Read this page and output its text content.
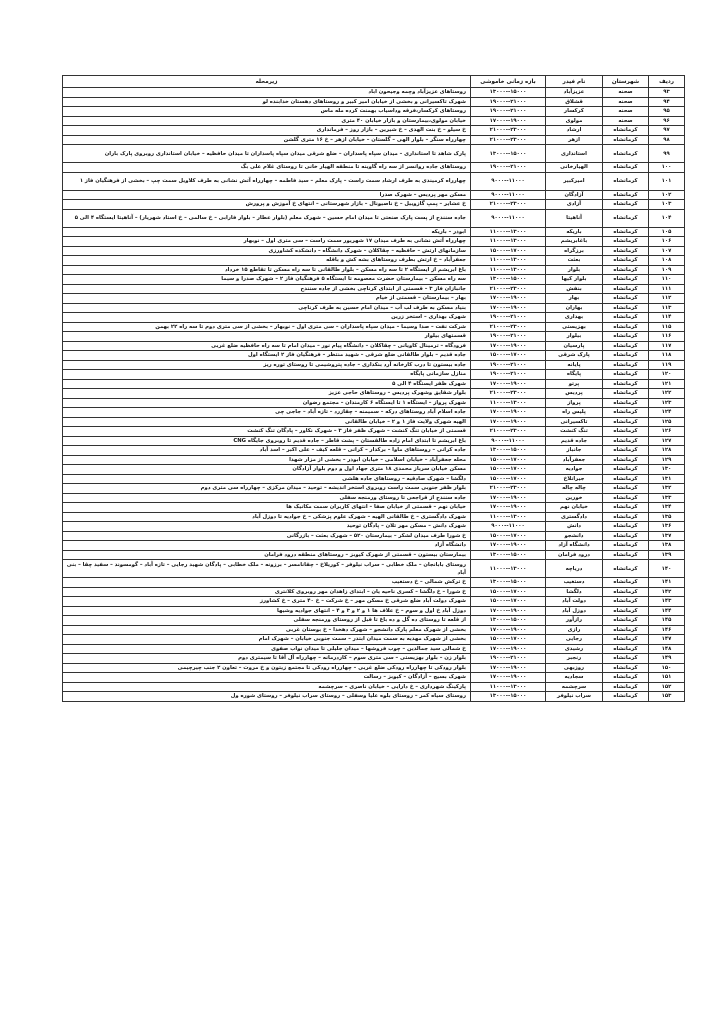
ردیف	شهرستان	نام فیدر	بازه زمانی خاموشی	زیرمحله
۹۳	صحنه	عزیزآباد	۱۵۰۰۰--۱۳۰۰۰	روستاهای عزیزآباد وچمه وجیحون اباد
۹۴	صحنه	قشلاق	۲۱۰۰۰--۱۹۰۰۰	شهرک تاکسیرانی و بخشی از خیابان امیر کبیر و روستاهای دهستان خدابنده لو
۹۵	صحنه	کرکسار	۲۱۰۰۰--۱۹۰۰۰	روستاهای کرکسار،فرقه وداسیاب بهمنت کرده مله ماس
۹۶	صحنه	مولوی	۱۹۰۰۰--۱۷۰۰۰	خیابان مولوی،بیمارستان و بازار خیابان ۴۰ متری
۹۷	کرمانشاه	ارشاد	۲۳۰۰۰--۲۱۰۰۰	خ سیلو – خ بنت الهدی – خ شیرین – بازار روز – فرمانداری
۹۸	کرمانشاه	ازهر	۲۳۰۰۰--۲۱۰۰۰	چهارراه سنگر – بلوار الهی – گلستان – خیابان ازهر – خ ۱۶ متری گلشن
۹۹	کرمانشاه	استانداری	۱۵۰۰۰--۱۳۰۰۰	پارک شاهد تا استانداری – میدان سپاه پاسداران – ضلع شرقی میدان سپاه پاسداران تا میدان حافظیه – خیابان استانداری روبروی پارک باران
۱۰۰	کرمانشاه	الهیارخانی	۲۱۰۰۰--۱۹۰۰۰	روستاهای جاده روانسر از سه راه گاوینه تا منطقه الهیار خانی تا روستای غلام علی بگ
۱۰۱	کرمانشاه	امیرکبیر	۱۱۰۰۰--۹۰۰۰	چهارراه کرمیندی به طرف ارشاد سمت راست – پارک معلم – سید فاطمه – چهارراه آتش نشانی به طرف کلاویل سمت چپ – بخشی از فرهنگیان فاز ۱
۱۰۲	کرمانشاه	آزادگان	۱۱۰۰۰--۹۰۰۰	مسکن مهر پردیس – شهرک صدرا
۱۰۳	کرمانشاه	آزادی	۲۳۰۰۰--۲۱۰۰۰	خ عشایر – پمپ گازوییل – خ ناصیونال – بازار شهرستانی – انتهای خ آموزش و پرورش
۱۰۴	کرمانشاه	آناهیتا	۱۱۰۰۰--۹۰۰۰	جاده سنندج از پست پارک صنعتی تا میدان امام حسین – شهرک معلم (بلوار عطار – بلوار فارابی – خ سالمی – خ استاد شهریار) – آناهیتا ایستگاه ۴ الی ۵
۱۰۵	کرمانشاه	باریکه	۱۳۰۰۰--۱۱۰۰۰	ابوذر – باریکه
۱۰۶	کرمانشاه	باغابریشم	۱۳۰۰۰--۱۱۰۰۰	چهارراه آتش نشانی به طرف میدان ۱۷ شهریور سمت راست – سی متری اول – نوبهار
۱۰۷	کرمانشاه	برزگراه	۱۷۰۰۰--۱۵۰۰۰	سازمانهای ارتش – حافظیه – چقاکلان – شهرک دانشگاه – دانشکده کشاورزی
۱۰۸	کرمانشاه	بعثت	۱۳۰۰۰--۱۱۰۰۰	جعفرآباد – خ ارتش بطرف روستاهای بشه کش و باقله
۱۰۹	کرمانشاه	بلوار	۱۳۰۰۰--۱۱۰۰۰	باغ ابریشم از ایستگاه ۲ تا سه راه مسکن – بلوار طالقانی تا سه راه مسکن تا تقاطع ۱۵ خرداد
۱۱۰	کرمانشاه	بلوار کیها	۱۵۰۰۰--۱۳۰۰۰	سه راه مسکن – بیمارستان حضرت معصومه تا ایستگاه ۵ فرهنگیان فاز ۲ – شهرک صدرا و سیما
۱۱۱	کرمانشاه	بنفش	۲۳۰۰۰--۲۱۰۰۰	جانبازان فاز ۳ – قسمتی از ابتدای کرناچی بخشی از جاده سنندج
۱۱۲	کرمانشاه	بهار	۱۹۰۰۰--۱۷۰۰۰	بهار – بیمارستان – قسمتی از خیام
۱۱۳	کرمانشاه	بهاران	۱۹۰۰۰--۱۷۰۰۰	بنیاد مسکن به طرف لب آب – میدان امام حسین به طرف کرناچی
۱۱۴	کرمانشاه	بهداری	۲۱۰۰۰--۱۹۰۰۰	شهرک بهداری – استخر زرین
۱۱۵	کرمانشاه	بهزیستی	۲۳۰۰۰--۲۱۰۰۰	شرکت نفت – صدا وسیما – میدان سپاه پاسداران – سی متری اول – نوبهار – بخشی از سی متری دوم تا سه راه ۲۲ بهمن
۱۱۶	کرمانشاه	بیلوار	۲۱۰۰۰--۱۹۰۰۰	قسمتهای بیلوار
۱۱۷	کرمانشاه	پارسیان	۱۹۰۰۰--۱۷۰۰۰	فرودگاه – ترمینال کاویانی – چقاکلان – دانشگاه پیام نور – میدان امام تا سه راه حافظیه ضلع غربی
۱۱۸	کرمانشاه	پارک شرقی	۱۷۰۰۰--۱۵۰۰۰	جاده قدیم – بلوار طالقانی ضلع شرقی – شهید منتظر – فرهنگیان فاز ۲ ایستگاه اول
۱۱۹	کرمانشاه	پایانه	۲۱۰۰۰--۱۹۰۰۰	جاده بیستون تا درب کارخانه آرد بنکداری – جاده پتروشیمی تا روستای توره ریز
۱۲۰	کرمانشاه	پایگاه	۲۱۰۰۰--۱۹۰۰۰	منازل سازمانی پایگاه
۱۲۱	کرمانشاه	پرتو	۱۹۰۰۰--۱۷۰۰۰	شهرک ظفر ایستگاه ۴ الی ۵
۱۲۲	کرمانشاه	پردیس	۲۳۰۰۰--۲۱۰۰۰	بلوار شقایق وشهرک پردیس – روستاهای حاجی عزیز
۱۲۳	کرمانشاه	پرواز	۱۳۰۰۰--۱۱۰۰۰	شهرک پرواز – ایستگاه ۱ تا ایستگاه ۶ کارمندان – مجتمع رضوان
۱۲۴	کرمانشاه	پلیس راه	۱۹۰۰۰--۱۷۰۰۰	جاده اسلام آباد روستاهای درکه – سمیمنه – چقازرد – تازه آباد – جاجی چی
۱۲۵	کرمانشاه	تاکسیرانی	۱۹۰۰۰--۱۷۰۰۰	الهیه شهرک ولایت فاز ۱ و ۲ – خیابان طالقانی
۱۲۶	کرمانشاه	تنگ کنشت	۲۳۰۰۰--۲۱۰۰۰	قسمتی از خیابان تنگ کنشت – شهرک ظفر فاز ۳ – شهرک نکاور – پادگان تنگ کنشت
۱۲۷	کرمانشاه	جاده قدیم	۱۱۰۰۰--۹۰۰۰	باغ ابریشم تا ابتدای امام زاده طالقستان – پشت قاطر – جاده قدیم تا روبروی جایگاه CNG
۱۲۸	کرمانشاه	جانباز	۱۵۰۰۰--۱۳۰۰۰	جاده کرانی – روستاهای ماوا – برکدار – کرانی – قلعه کیف – علی اکبر – اسد آباد
۱۲۹	کرمانشاه	جعفرآباد	۱۷۰۰۰--۱۵۰۰۰	محله جعفرآباد – خیابان اسلامی – خیابان ابوذر – بخشی از مزار شهدا
۱۳۰	کرمانشاه	جوادیه	۱۷۰۰۰--۱۵۰۰۰	مسکن خیابان سرباز محمدی ۱۸ متری جهاد اول و دوم بلوار آزادگان
۱۳۱	کرمانشاه	جیرانلاخ	۱۷۰۰۰--۱۵۰۰۰	دلگشا – شهرک صادقیه – روستاهای جاده هلشی
۱۳۲	کرمانشاه	چاله چاله	۲۳۰۰۰--۲۱۰۰۰	بلوار ظفر جنوبی سمت راست روبروی استخر اندیشه – توحید – میدان مرکزی – چهارراه سی متری دوم
۱۳۳	کرمانشاه	خورین	۱۹۰۰۰--۱۷۰۰۰	جاده سنندج از قراجعی تا روستای ورمنجه سفلی
۱۳۴	کرمانشاه	خیابان نهم	۱۹۰۰۰--۱۷۰۰۰	خیابان نهم – قسمتی از خیابان صفا – انتهای کاربران سمت مکانیک ها
۱۳۵	کرمانشاه	دادگستری	۱۳۰۰۰--۱۱۰۰۰	شهرک دادگستری – خ طالقانی الهیه – شهرک علوم پزشکی – خ جوادیه تا دوزل آباد
۱۳۶	کرمانشاه	دانش	۱۱۰۰۰--۹۰۰۰	شهرک دانش – مسکن مهر تلان – پادگان توحید
۱۳۷	کرمانشاه	دانشجو	۱۷۰۰۰--۱۵۰۰۰	خ شورا طرف میدان لشکر – بیمارستان ۵۲۰ – شهرک بعثت – بازرگانی
۱۳۸	کرمانشاه	دانشگاه آزاد	۱۹۰۰۰--۱۷۰۰۰	دانشگاه آزاد
۱۳۹	کرمانشاه	درود فرامان	۱۵۰۰۰--۱۳۰۰۰	بیمارستان بیستون – قسمتی از شهرک کیوبز – روستاهای منطقه درود فرامان
۱۴۰	کرمانشاه	دریاچه	۱۳۰۰۰--۱۱۰۰۰	روستای بابانجان – ملک خطابی – سراب نیلوفر – کوریلاخ – چقانامسر – برزونه – ملک خطابی – پادگان شهید رجایی – تازه آباد – گومسوند – سفید چقا – بنی آباد
۱۴۱	کرمانشاه	دستغیب	۱۵۰۰۰--۱۳۰۰۰	خ ترکش شمالی – خ دستغیب
۱۴۲	کرمانشاه	دلگشا	۱۷۰۰۰--۱۵۰۰۰	خ شورا – خ دلگشا – کسری ناحیه یان – ابتدای زاهدان مهر روبروی کلانتری
۱۴۳	کرمانشاه	دولت آباد	۱۷۰۰۰--۱۵۰۰۰	شهرک دولت آباد ضلع شرقی خ مسکن مهر – خ شرکت – خ ۴۰ متری – خ کشاورز
۱۴۴	کرمانشاه	دوزل آباد	۱۹۰۰۰--۱۷۰۰۰	دوزل آباد خ اول و سوم – خ علاف ها ۱ و ۲ و ۳ و ۴ – انتهای جوادیه وشیها
۱۴۵	کرمانشاه	رازآور	۱۵۰۰۰--۱۳۰۰۰	از قلعه تا روستای ده گل و ده باغ تا قبل از روستای ورمنجه سفلی
۱۴۶	کرمانشاه	رازی	۱۹۰۰۰--۱۷۰۰۰	بخشی از شهرک معلم پارک دانشجو – شهرک دهخدا – خ بوستان غربی
۱۴۷	کرمانشاه	رجایی	۱۷۰۰۰--۱۵۰۰۰	بخشی از شهرک مهدیه به سمت میدان ابتذر – سمت جنوبی خیابان – شهرک امام
۱۴۸	کرمانشاه	رشیدی	۱۹۰۰۰--۱۷۰۰۰	خ شمالی سید جمالدین – چوب فروشها – میدان جلیلی تا میدان نواب صفوی
۱۴۹	کرمانشاه	رنجبر	۲۱۰۰۰--۱۹۰۰۰	بلوار زن – بلوار بهزیستی – سی متری سوم – کاردرمانه – چهارراه آل آقا تا سیمتری دوم
۱۵۰	کرمانشاه	روزبهی	۱۹۰۰۰--۱۷۰۰۰	بلوار رودکی تا چهارراه رودکی ضلع غربی – چهارراه رودکی تا مجتمع زیتون و خ مروت – تعاون ۲ جنب چیرچیمی
۱۵۱	کرمانشاه	سجادیه	۱۹۰۰۰--۱۷۰۰۰	شهرک بسیج – آزادگان – کیوبز – رسالت
۱۵۲	کرمانشاه	سرچشمه	۱۳۰۰۰--۱۱۰۰۰	پارکینگ شهرداری – خ دارایی – خیابان ناصری – سرچشمه
۱۵۳	کرمانشاه	سراب نیلوفر	۱۵۰۰۰--۱۳۰۰۰	روستای سیاه کمر – روستای بلوه علیا وسفلی – روستای سراب نیلوفر – روستای شوره ول
